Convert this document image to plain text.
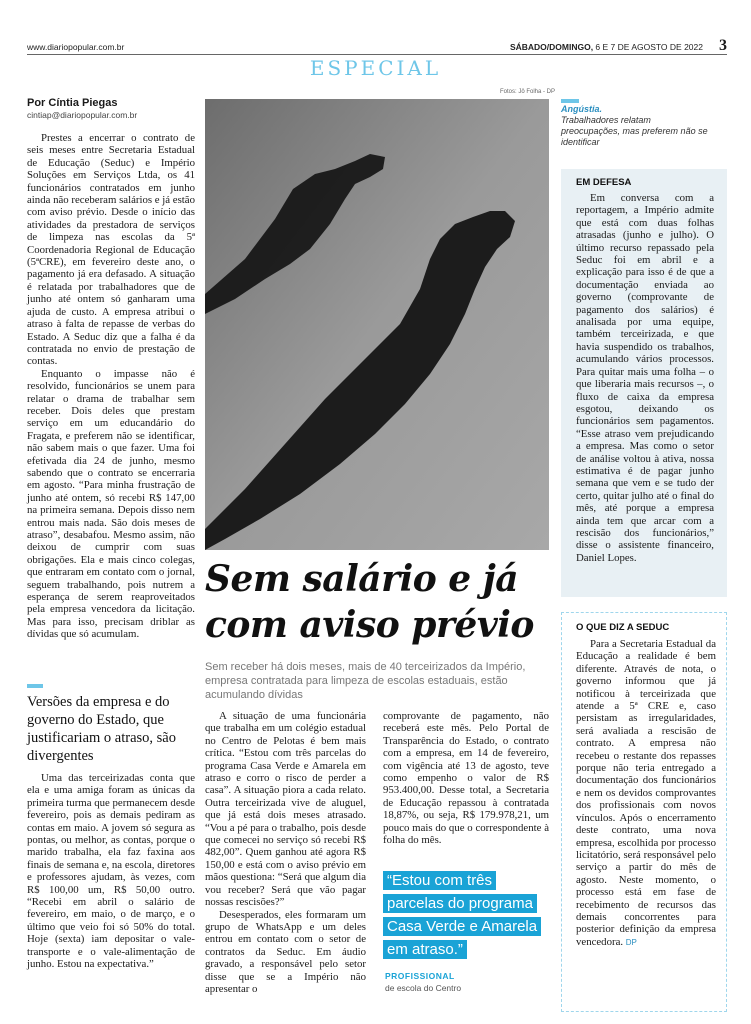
www.diariopopular.com.br	SÁBADO/DOMINGO, 6 E 7 DE AGOSTO DE 2022 3
ESPECIAL
Por Cíntia Piegas
cintiap@diariopopular.com.br

Prestes a encerrar o contrato de seis meses entre Secretaria Estadual de Educação (Seduc) e Império Soluções em Serviços Ltda, os 41 funcionários contratados em junho ainda não receberam salários e já estão com aviso prévio. Desde o início das atividades da prestadora de serviços de limpeza nas escolas da 5ª Coordenadoria Regional de Educação (5ªCRE), em fevereiro deste ano, o pagamento já era defasado. A situação é relatada por trabalhadores que de junho até ontem só ganharam uma ajuda de custo. A empresa atribui o atraso à falta de repasse de verbas do Estado. A Seduc diz que a falha é da contratada no envio de prestação de contas.

Enquanto o impasse não é resolvido, funcionários se unem para relatar o drama de trabalhar sem receber. Dois deles que prestam serviço em um educandário do Fragata, e preferem não se identificar, não sabem mais o que fazer. Uma foi efetivada dia 24 de junho, mesmo sabendo que o contrato se encerraria em agosto. “Para minha frustração de junho até ontem, só recebi R$ 147,00 na primeira semana. Depois disso nem entrou mais nada. São dois meses de atraso”, desabafou. Mesmo assim, não deixou de cumprir com suas obrigações. Ela e mais cinco colegas, que entraram em contato com o jornal, seguem trabalhando, pois nutrem a esperança de serem reaproveitados pela empresa vencedora da licitação. Mas para isso, precisam driblar as dívidas que só acumulam.

Versões da empresa e do governo do Estado, que justificariam o atraso, são divergentes

Uma das terceirizadas conta que ela e uma amiga foram as únicas da primeira turma que permanecem desde fevereiro, pois as demais pediram as contas em maio. A jovem só segura as pontas, ou melhor, as contas, porque o marido trabalha, ela faz faxina aos finais de semana e, na escola, diretores e professores ajudam, às vezes, com R$ 100,00 um, R$ 50,00 outro. “Recebi em abril o salário de fevereiro, em maio, o de março, e o último que veio foi só 50% do total. Hoje (sexta) iam depositar o vale-transporte e o vale-alimentação de junho. Estou na expectativa.”

Fotos: Jô Folha - DP
Angústia.
Trabalhadores relatam preocupações, mas preferem não se identificar
EM DEFESA

Em conversa com a reportagem, a Império admite que está com duas folhas atrasadas (junho e julho). O último recurso repassado pela Seduc foi em abril e a explicação para isso é de que a documentação enviada ao governo (comprovante de pagamento dos salários) é analisada por uma equipe, também terceirizada, e que havia suspendido os trabalhos, acumulando vários processos. Para quitar mais uma folha – o que liberaria mais recursos –, o fluxo de caixa da empresa esgotou, deixando os funcionários sem pagamentos. “Esse atraso vem prejudicando a empresa. Mas como o setor de análise voltou à ativa, nossa estimativa é de pagar junho semana que vem e se tudo der certo, quitar julho até o final do mês, até porque a empresa ainda tem que arcar com a rescisão dos funcionários,” disse o assistente financeiro, Daniel Lopes.

Sem salário e já com aviso prévio
Sem receber há dois meses, mais de 40 terceirizados da Império, empresa contratada para limpeza de escolas estaduais, estão acumulando dívidas

A situação de uma funcionária que trabalha em um colégio estadual no Centro de Pelotas é bem mais crítica. “Estou com três parcelas do programa Casa Verde e Amarela em atraso e corro o risco de perder a casa”. A situação piora a cada relato. Outra terceirizada vive de aluguel, que já está dois meses atrasado. “Vou a pé para o trabalho, pois desde que comecei no serviço só recebi R$ 482,00”. Quem ganhou até agora R$ 150,00 e está com o aviso prévio em mãos questiona: “Será que algum dia vou receber? Será que vão pagar nossas rescisões?”

Desesperados, eles formaram um grupo de WhatsApp e um deles entrou em contato com o setor de contratos da Seduc. Em áudio gravado, a responsável pelo setor disse que se a Império não apresentar o

comprovante de pagamento, não receberá este mês. Pelo Portal de Transparência do Estado, o contrato com a empresa, em 14 de fevereiro, com vigência até 13 de agosto, teve como empenho o valor de R$ 953.400,00. Desse total, a Secretaria de Educação repassou à contratada 18,87%, ou seja, R$ 179.978,21, um pouco mais do que o correspondente à folha do mês.

“Estou com três parcelas do programa Casa Verde e Amarela em atraso.”
PROFISSIONAL
de escola do Centro
O QUE DIZ A SEDUC

Para a Secretaria Estadual da Educação a realidade é bem diferente. Através de nota, o governo informou que já notificou à terceirizada que atende a 5ª CRE e, caso persistam as irregularidades, será avaliada a rescisão de contrato. A empresa não recebeu o restante dos repasses porque não teria entregado a documentação dos funcionários e nem os devidos comprovantes dos profissionais com novos vínculos. Após o encerramento deste contrato, uma nova empresa, escolhida por processo licitatório, será responsável pelo serviço a partir do mês de agosto. Neste momento, o processo está em fase de recebimento de recursos das demais concorrentes para posterior definição da empresa vencedora. DP
